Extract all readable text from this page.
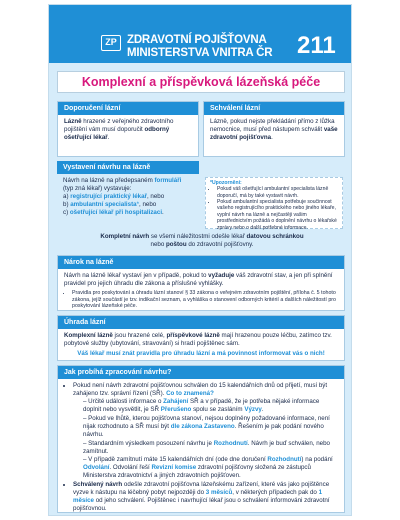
ZP ZDRAVOTNÍ POJIŠŤOVNA
MINISTERSTVA VNITRA ČR 211
Komplexní a příspěvková lázeňská péče
Doporučení lázní
Lázně hrazené z veřejného zdravotního pojištění vám musí doporučit odborný ošetřující lékař.
Schválení lázní
Lázně, pokud nejste překládání přímo z lůžka nemocnice, musí před nástupem schválit vaše zdravotní pojišťovna.
Vystavení návrhu na lázně
Návrh na lázně na předepsaném formuláři (typ zná lékař) vystavuje:
a) registrující praktický lékař, nebo
b) ambulantní specialista*, nebo
c) ošetřující lékař při hospitalizaci.
*Upozornění:
• Pokud váš ošetřující ambulantní specialista lázně doporučí, má by také vystavit návrh.
• Pokud ambulantní specialista potřebuje součinnost vašeho registrujícího praktického nebo jiného lékaře, vyplní návrh na lázně a nejčastěji vašim prostřednictvím požádá o doplnění návrhu o lékařské zprávy nebo o další potřebné informace.
Kompletní návrh se všemi náležitostmi odešle lékař datovou schránkou
nebo poštou do zdravotní pojišťovny.
Nárok na lázně
Návrh na lázně lékař vystaví jen v případě, pokud to vyžaduje váš zdravotní stav, a jen při splnění pravidel pro jejich úhradu dle zákona a příslušné vyhlášky.
• Pravidla pro poskytování a úhradu lázní stanoví § 33 zákona o veřejném zdravotním pojištění, příloha č. 5 tohoto zákona, jejíž součástí je tzv. indikační seznam, a vyhláška o stanovení odborných kritérií a dalších náležitostí pro poskytování lázeňské péče.
Úhrada lázní
Komplexní lázně jsou hrazené celé, příspěvkové lázně mají hrazenou pouze léčbu, zatímco tzv. pobytové služby (ubytování, stravování) si hradí pojištěnec sám.
Váš lékař musí znát pravidla pro úhradu lázní a má povinnost informovat vás o nich!
Jak probíhá zpracování návrhu?
• Pokud není návrh zdravotní pojišťovnou schválen do 15 kalendářních dnů od přijetí, musí být zahájeno tzv. správní řízení (SŘ). Co to znamená?
– Určité události informace o Zahájení SŘ a v případě, že je potřeba nějaké informace doplnit nebo vysvětlit, je SŘ Přerušeno spolu se zasláním Výzvy.
– Pokud ve lhůtě, kterou pojišťovna stanoví, nejsou doplněny požadované informace, není nijak rozhodnuto a SŘ musí být dle zákona Zastaveno. Řešením je pak podání nového návrhu.
– Standardním výsledkem posouzení návrhu je Rozhodnutí. Návrh je buď schválen, nebo zamítnut.
– V případě zamítnutí máte 15 kalendářních dní (ode dne doručení Rozhodnutí) na podání Odvolání. Odvolání řeší Revizní komise zdravotní pojišťovny složená ze zástupců Ministerstva zdravotnictví a jiných zdravotních pojišťoven.
• Schválený návrh odešle zdravotní pojišťovna lázeňskému zařízení, které vás jako pojištěnce vyzve k nástupu na léčebný pobyt nejpozději do 3 měsíců, v některých případech pak do 1 měsíce od jeho schválení. Pojištěnec i navrhující lékař jsou o schválení informováni zdravotní pojišťovnou.
